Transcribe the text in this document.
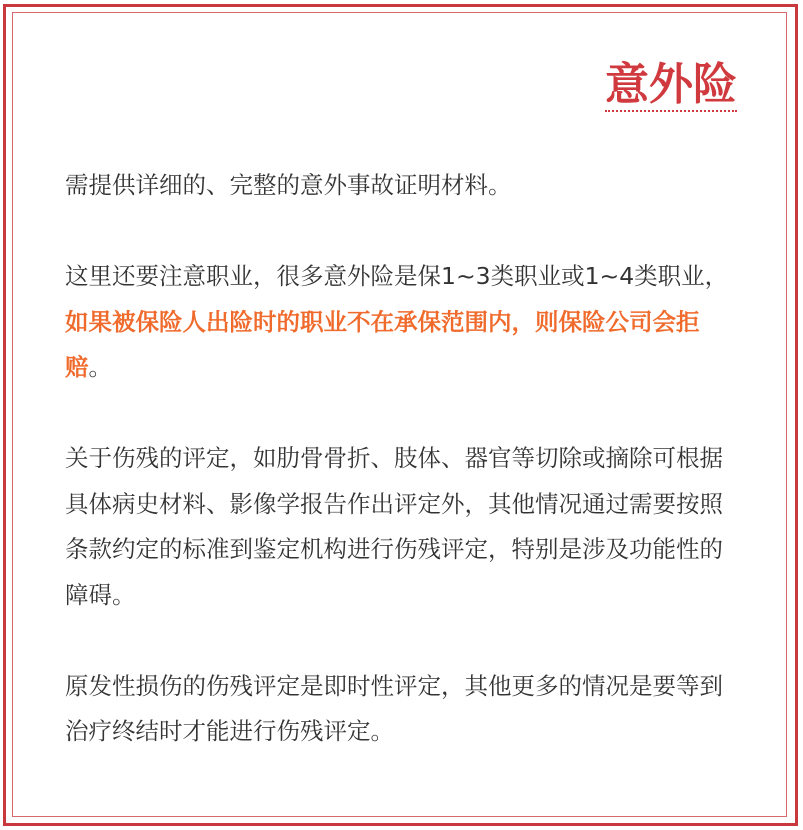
意外险

需提供详细的、完整的意外事故证明材料。

这里还要注意职业，很多意外险是保1~3类职业或1~4类职业，如果被保险人出险时的职业不在承保范围内，则保险公司会拒赔。

关于伤残的评定，如肋骨骨折、肢体、器官等切除或摘除可根据具体病史材料、影像学报告作出评定外，其他情况通过需要按照条款约定的标准到鉴定机构进行伤残评定，特别是涉及功能性的障碍。

原发性损伤的伤残评定是即时性评定，其他更多的情况是要等到治疗终结时才能进行伤残评定。
